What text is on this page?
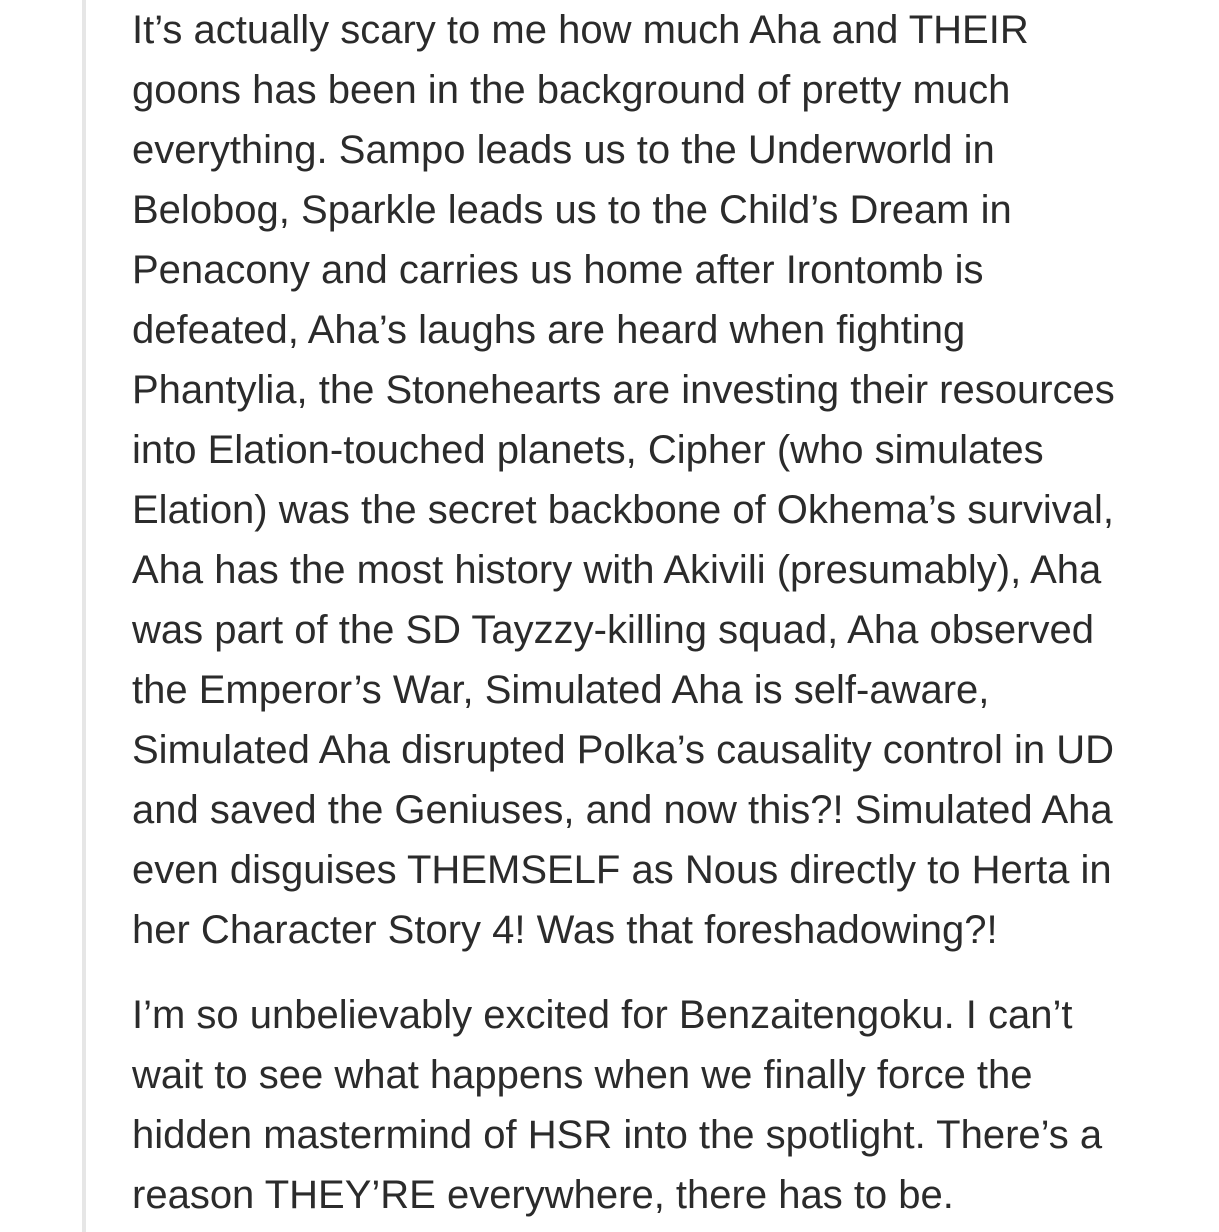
It’s actually scary to me how much Aha and THEIR
goons has been in the background of pretty much
everything. Sampo leads us to the Underworld in
Belobog, Sparkle leads us to the Child’s Dream in
Penacony and carries us home after Irontomb is
defeated, Aha’s laughs are heard when fighting
Phantylia, the Stonehearts are investing their resources
into Elation-touched planets, Cipher (who simulates
Elation) was the secret backbone of Okhema’s survival,
Aha has the most history with Akivili (presumably), Aha
was part of the SD Tayzzy-killing squad, Aha observed
the Emperor’s War, Simulated Aha is self-aware,
Simulated Aha disrupted Polka’s causality control in UD
and saved the Geniuses, and now this?! Simulated Aha
even disguises THEMSELF as Nous directly to Herta in
her Character Story 4! Was that foreshadowing?!

I’m so unbelievably excited for Benzaitengoku. I can’t
wait to see what happens when we finally force the
hidden mastermind of HSR into the spotlight. There’s a
reason THEY’RE everywhere, there has to be.
